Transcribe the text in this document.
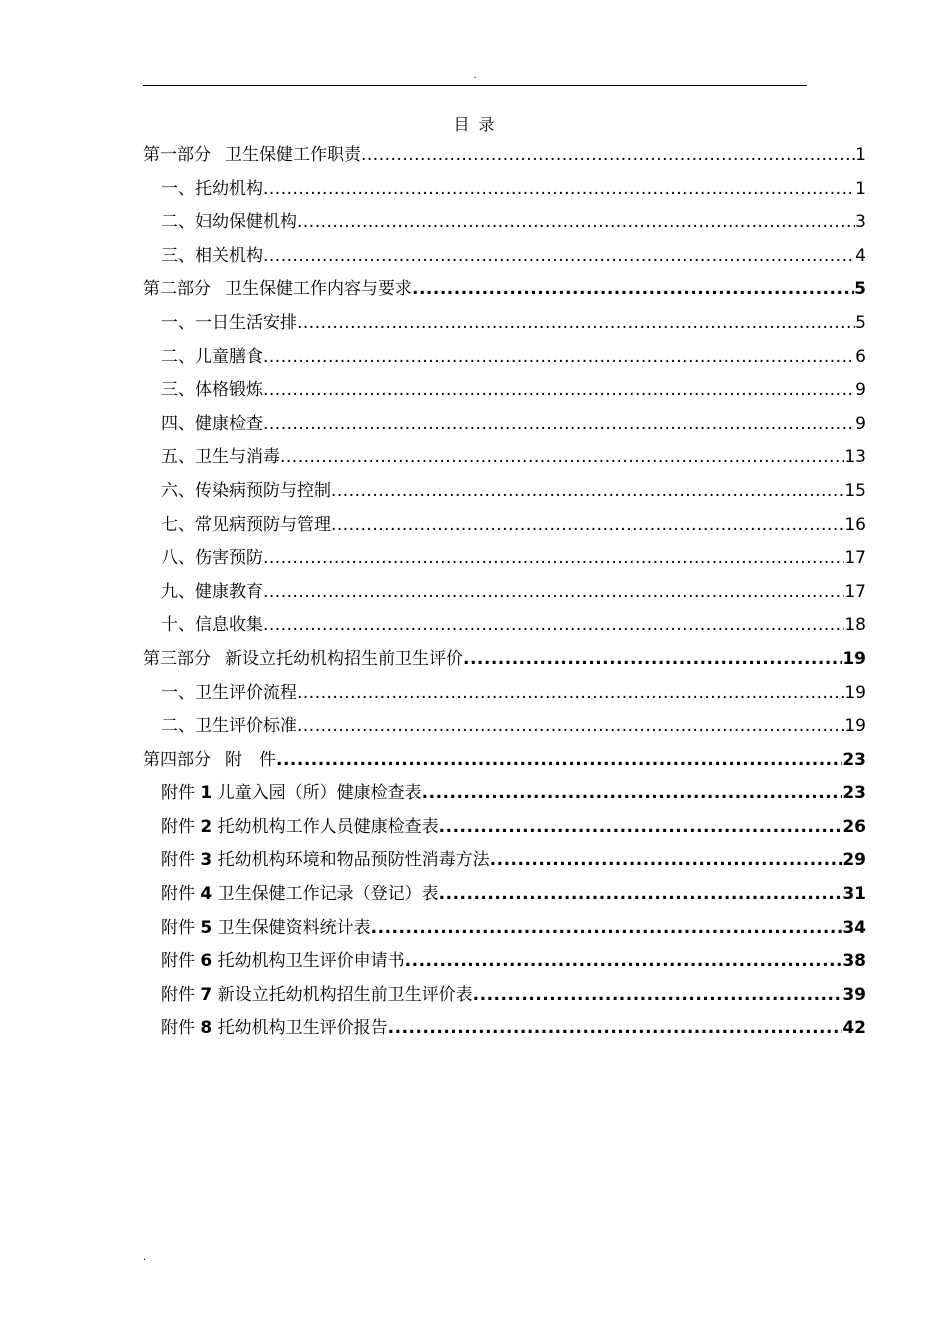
.
目 录
第一部分 卫生保健工作职责 .....	1
一、托幼机构 .....	1
二、妇幼保健机构 .....	3
三、相关机构 .....	4
第二部分 卫生保健工作内容与要求 .....	5
一、一日生活安排 .....	5
二、儿童膳食 .....	6
三、体格锻炼 .....	9
四、健康检查 .....	9
五、卫生与消毒 .....	13
六、传染病预防与控制 .....	15
七、常见病预防与管理 .....	16
八、伤害预防 .....	17
九、健康教育 .....	17
十、信息收集 .....	18
第三部分 新设立托幼机构招生前卫生评价 .....	19
一、卫生评价流程 .....	19
二、卫生评价标准 .....	19
第四部分 附　件 .....	23
附件 1 儿童入园（所）健康检查表 .....	23
附件 2 托幼机构工作人员健康检查表 .....	26
附件 3 托幼机构环境和物品预防性消毒方法 .....	29
附件 4 卫生保健工作记录（登记）表 .....	31
附件 5 卫生保健资料统计表 .....	34
附件 6 托幼机构卫生评价申请书 .....	38
附件 7 新设立托幼机构招生前卫生评价表 .....	39
附件 8 托幼机构卫生评价报告 .....	42
.
